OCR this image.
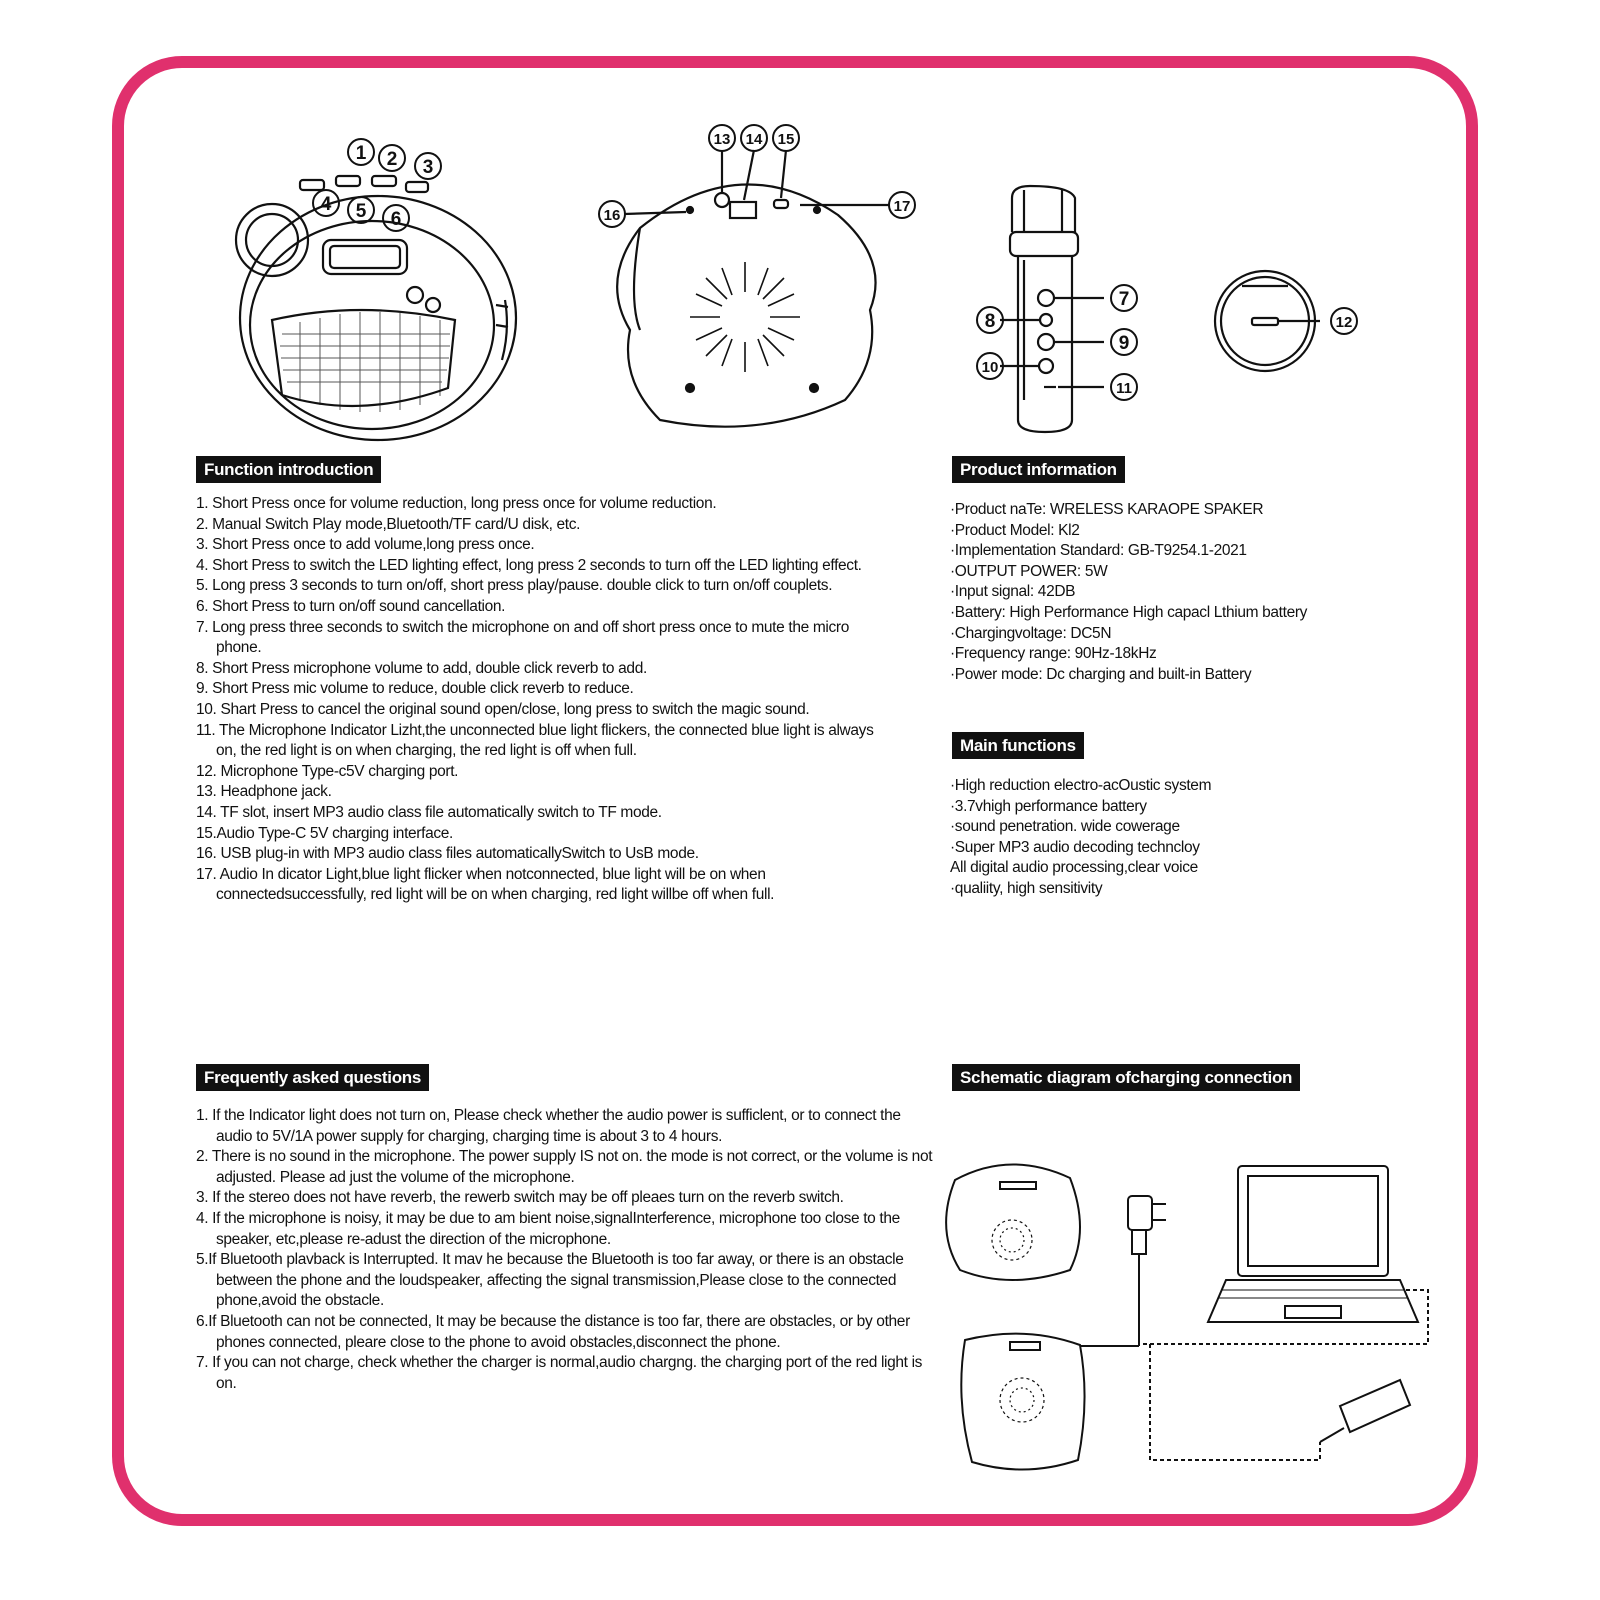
1 2 3
4 5 6
13 14 15
16
17
7
8
9
10
11
12
Function introduction
1. Short Press once for volume reduction, long press once for volume reduction.
2. Manual Switch Play mode,Bluetooth/TF card/U disk, etc.
3. Short Press once to add volume,long press once.
4. Short Press to switch the LED lighting effect, long press 2 seconds to turn off the LED lighting effect.
5. Long press 3 seconds to turn on/off, short press play/pause. double click to turn on/off couplets.
6. Short Press to turn on/off sound cancellation.
7. Long press three seconds to switch the microphone on and off short press once to mute the micro phone.
8. Short Press microphone volume to add, double click reverb to add.
9. Short Press mic volume to reduce, double click reverb to reduce.
10. Shart Press to cancel the original sound open/close, long press to switch the magic sound.
11. The Microphone Indicator Lizht,the unconnected blue light flickers, the connected blue light is always on, the red light is on when charging, the red light is off when full.
12. Microphone Type-c5V charging port.
13. Headphone jack.
14. TF slot, insert MP3 audio class file automatically switch to TF mode.
15.Audio Type-C 5V charging interface.
16. USB plug-in with MP3 audio class files automaticallySwitch to UsB mode.
17. Audio In dicator Light,blue light flicker when notconnected, blue light will be on when connectedsuccessfully, red light will be on when charging, red light willbe off when full.
Product information
·Product naTe: WRELESS KARAOPE SPAKER
·Product Model: Kl2
·Implementation Standard: GB-T9254.1-2021
·OUTPUT POWER: 5W
·Input signal: 42DB
·Battery: High Performance High capacl Lthium battery
·Chargingvoltage: DC5N
·Frequency range: 90Hz-18kHz
·Power mode: Dc charging and built-in Battery
Main functions
·High reduction electro-acOustic system
·3.7vhigh performance battery
·sound penetration. wide cowerage
·Super MP3 audio decoding techncloy
All digital audio processing,clear voice
·qualiity, high sensitivity
Frequently asked questions
1. If the Indicator light does not turn on, Please check whether the audio power is sufficlent, or to connect the audio to 5V/1A power supply for charging, charging time is about 3 to 4 hours.
2. There is no sound in the microphone. The power supply IS not on. the mode is not correct, or the volume is not adjusted. Please ad just the volume of the microphone.
3. If the stereo does not have reverb, the rewerb switch may be off pleaes turn on the reverb switch.
4. If the microphone is noisy, it may be due to am bient noise,signalInterference, microphone too close to the speaker, etc,please re-adust the direction of the microphone.
5.If Bluetooth plavback is Interrupted. It mav he because the Bluetooth is too far away, or there is an obstacle between the phone and the loudspeaker, affecting the signal transmission,Please close to the connected phone,avoid the obstacle.
6.If Bluetooth can not be connected, It may be because the distance is too far, there are obstacles, or by other phones connected, pleare close to the phone to avoid obstacles,disconnect the phone.
7. If you can not charge, check whether the charger is normal,audio chargng. the charging port of the red light is on.
Schematic diagram ofcharging connection
